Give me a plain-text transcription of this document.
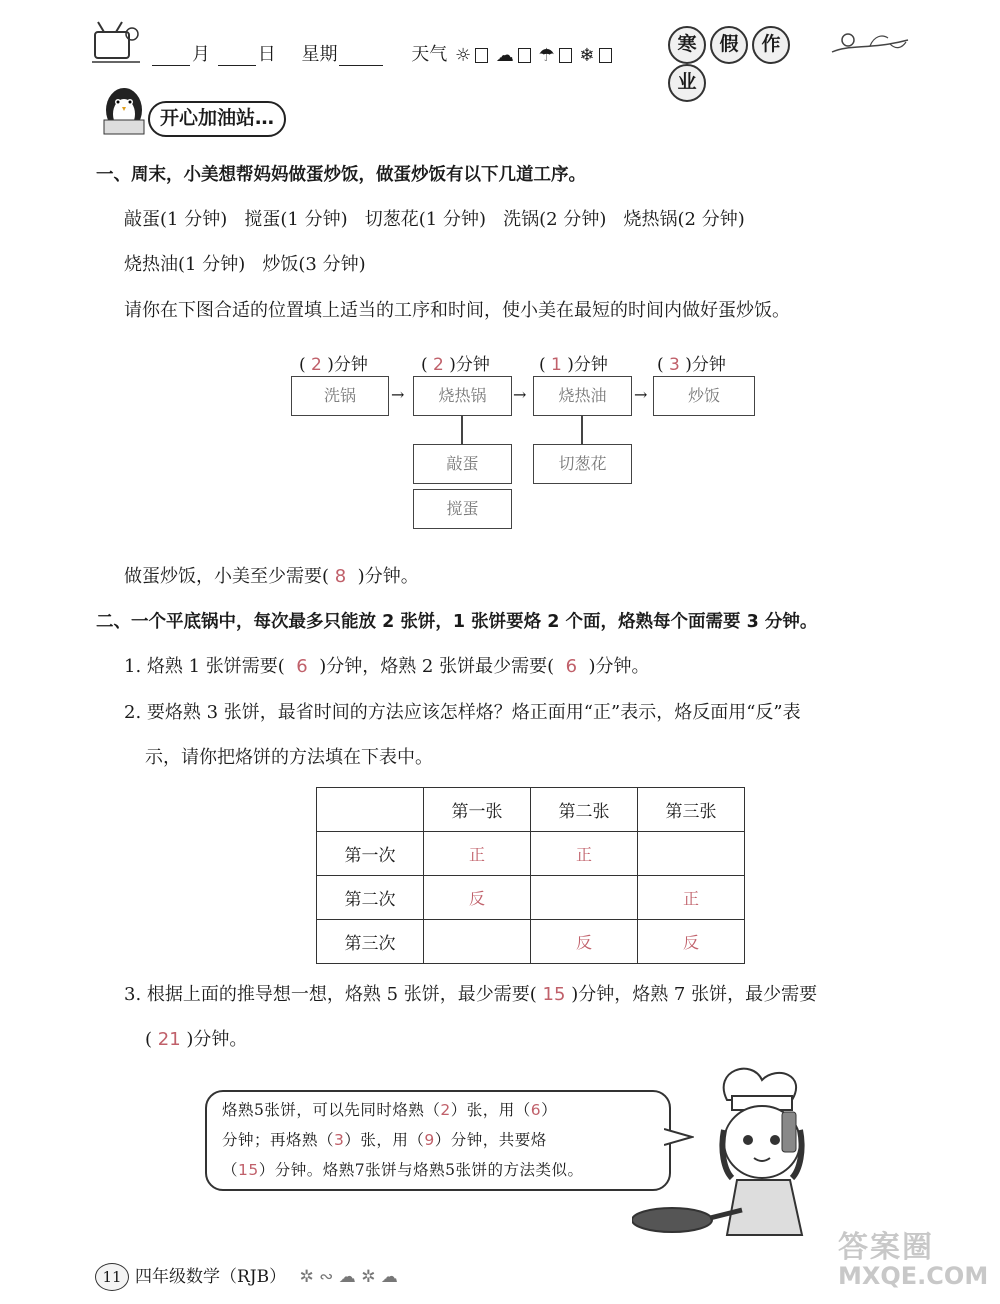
月	日 星期	天气 ☼ ☁ ☂ ❄	寒 假 作业
开心加油站…
一、周末，小美想帮妈妈做蛋炒饭，做蛋炒饭有以下几道工序。
敲蛋(1 分钟)   搅蛋(1 分钟)   切葱花(1 分钟)   洗锅(2 分钟)   烧热锅(2 分钟)
烧热油(1 分钟)   炒饭(3 分钟)
请你在下图合适的位置填上适当的工序和时间，使小美在最短的时间内做好蛋炒饭。
( 2 )分钟	( 2 )分钟	( 1 )分钟	( 3 )分钟
洗锅	→	烧热锅	→	烧热油	→	炒饭
敲蛋
搅蛋
切葱花
做蛋炒饭，小美至少需要( 8 )分钟。
二、一个平底锅中，每次最多只能放 2 张饼，1 张饼要烙 2 个面，烙熟每个面需要 3 分钟。
1. 烙熟 1 张饼需要( 6 )分钟，烙熟 2 张饼最少需要( 6 )分钟。
2. 要烙熟 3 张饼，最省时间的方法应该怎样烙？烙正面用“正”表示，烙反面用“反”表
示，请你把烙饼的方法填在下表中。
	第一张	第二张	第三张
第一次	正	正	
第二次	反		正
第三次		反	反
3. 根据上面的推导想一想，烙熟 5 张饼，最少需要( 15 )分钟，烙熟 7 张饼，最少需要
( 21 )分钟。
烙熟5张饼，可以先同时烙熟（2）张，用（6）
分钟；再烙熟（3）张，用（9）分钟，共要烙
（15）分钟。烙熟7张饼与烙熟5张饼的方法类似。
11 四年级数学（RJB） ✲ ∾ ☁ ✲ ☁
答案圈
MXQE.COM
